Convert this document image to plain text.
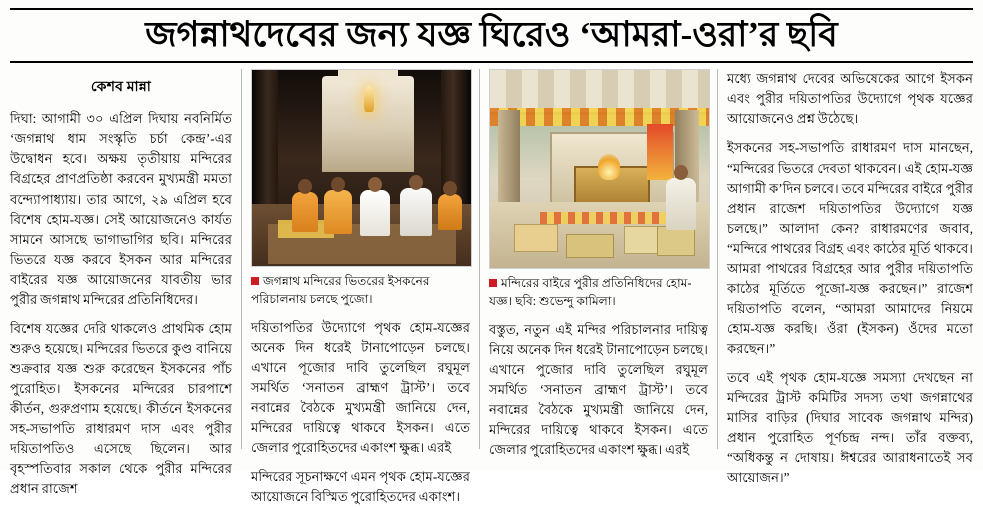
জগন্নাথদেবের জন্য যজ্ঞ ঘিরেও ‘আমরা-ওরা’র ছবি
কেশব মান্না

দিঘা: আগামী ৩০ এপ্রিল দিঘায় নবনির্মিত ‘জগন্নাথ ধাম সংস্কৃতি চর্চা কেন্দ্র’-এর উদ্বোধন হবে। অক্ষয় তৃতীয়ায় মন্দিরের বিগ্রহের প্রাণপ্রতিষ্ঠা করবেন মুখ্যমন্ত্রী মমতা বন্দ্যোপাধ্যায়। তার আগে, ২৯ এপ্রিল হবে বিশেষ হোম-যজ্ঞ। সেই আয়োজনেও কার্যত সামনে আসছে ভাগাভাগির ছবি। মন্দিরের ভিতরে যজ্ঞ করবে ইসকন আর মন্দিরের বাইরের যজ্ঞ আয়োজনের যাবতীয় ভার পুরীর জগন্নাথ মন্দিরের প্রতিনিধিদের।

বিশেষ যজ্ঞের দেরি থাকলেও প্রাথমিক হোম শুরুও হয়েছে। মন্দিরের ভিতরে কুণ্ড বানিয়ে শুক্রবার যজ্ঞ শুরু করেছেন ইসকনের পাঁচ পুরোহিত। ইসকনের মন্দিরের চারপাশে কীর্তন, গুরুপ্রণাম হয়েছে। কীর্তনে ইসকনের সহ-সভাপতি রাধারমণ দাস এবং পুরীর দয়িতাপতিও এসেছে ছিলেন। আর বৃহস্পতিবার সকাল থেকে পুরীর মন্দিরের প্রধান রাজেশ

জগন্নাথ মন্দিরের ভিতরের ইসকনের পরিচালনায় চলছে পুজো।

দয়িতাপতির উদ্যোগে পৃথক হোম-যজ্ঞের অনেক দিন ধরেই টানাপোড়েন চলছে। এখানে পূজোর দাবি তুলেছিল রঘুমূল সমর্থিত ‘সনাতন ব্রাহ্মণ ট্রাস্ট’। তবে নবান্নের বৈঠকে মুখ্যমন্ত্রী জানিয়ে দেন, মন্দিরের দায়িত্বে থাকবে ইসকন। এতে জেলার পুরোহিতদের একাংশ ক্ষুব্ধ। এরই

মন্দিরের সূচনাক্ষণে এমন পৃথক হোম-যজ্ঞের আয়োজনে বিস্মিত পুরোহিতদের একাংশ।

মন্দিরের বাইরে পুরীর প্রতিনিধিদের হোম-যজ্ঞ। ছবি: শুভেন্দু কামিলা।

বস্তুত, নতুন এই মন্দির পরিচালনার দায়িত্ব নিয়ে অনেক দিন ধরেই টানাপোড়েন চলছে। এখানে পুজোর দাবি তুলেছিল রঘুমূল সমর্থিত ‘সনাতন ব্রাহ্মণ ট্রাস্ট’। তবে নবান্নের বৈঠকে মুখ্যমন্ত্রী জানিয়ে দেন, মন্দিরের দায়িত্বে থাকবে ইসকন। এতে জেলার পুরোহিতদের একাংশ ক্ষুব্ধ। এরই

মধ্যে জগন্নাথ দেবের অভিষেকের আগে ইসকন এবং পুরীর দয়িতাপতির উদ্যোগে পৃথক যজ্ঞের আয়োজনেও প্রশ্ন উঠেছে।

ইসকনের সহ-সভাপতি রাধারমণ দাস মানছেন, “মন্দিরের ভিতরে দেবতা থাকবেন। এই হোম-যজ্ঞ আগামী ক’দিন চলবে। তবে মন্দিরের বাইরে পুরীর প্রধান রাজেশ দয়িতাপতির উদ্যোগে যজ্ঞ চলছে।” আলাদা কেন? রাধারমণের জবাব, “মন্দিরে পাথরের বিগ্রহ এবং কাঠের মূর্তি থাকবে। আমরা পাথরের বিগ্রহের আর পুরীর দয়িতাপতি কাঠের মূর্তিতে পূজো-যজ্ঞ করছেন।” রাজেশ দয়িতাপতি বলেন, “আমরা আমাদের নিয়মে হোম-যজ্ঞ করছি। ওঁরা (ইসকন) ওঁদের মতো করছেন।”

তবে এই পৃথক হোম-যজ্ঞে সমস্যা দেখছেন না মন্দিরের ট্রাস্ট কমিটির সদস্য তথা জগন্নাথের মাসির বাড়ির (দিঘার সাবেক জগন্নাথ মন্দির) প্রধান পুরোহিত পূর্ণচন্দ্র নন্দ। তাঁর বক্তব্য, “অধিকন্তু ন দোষায়। ঈশ্বরের আরাধনাতেই সব আয়োজন।”
